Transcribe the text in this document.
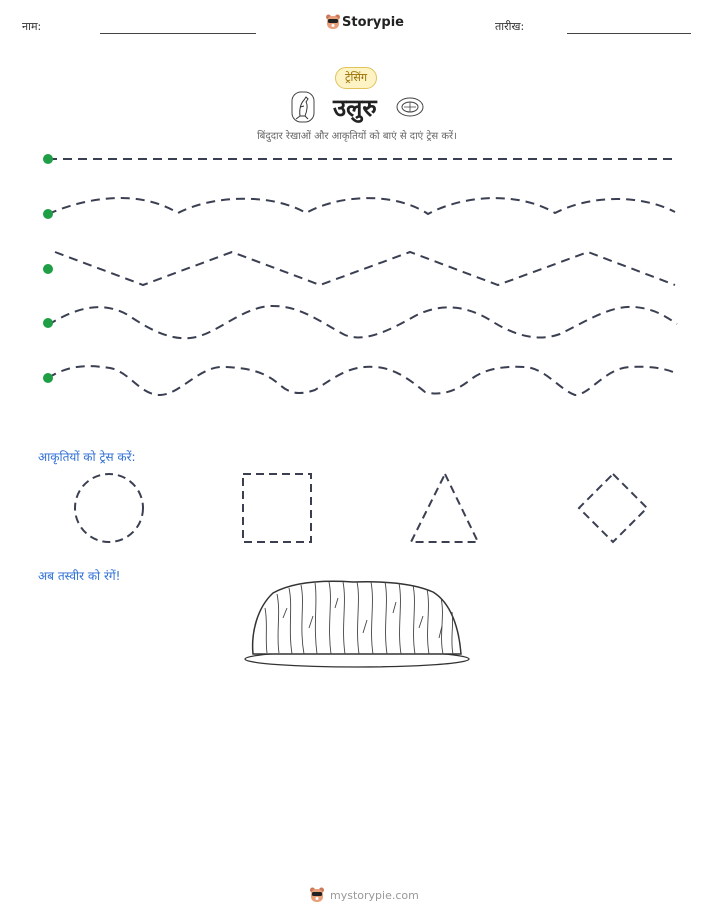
नाम:	Storypie	तारीख:
ट्रेसिंग
उलुरु
बिंदुदार रेखाओं और आकृतियों को बाएं से दाएं ट्रेस करें।
आकृतियों को ट्रेस करें:
अब तस्वीर को रंगें!
mystorypie.com
